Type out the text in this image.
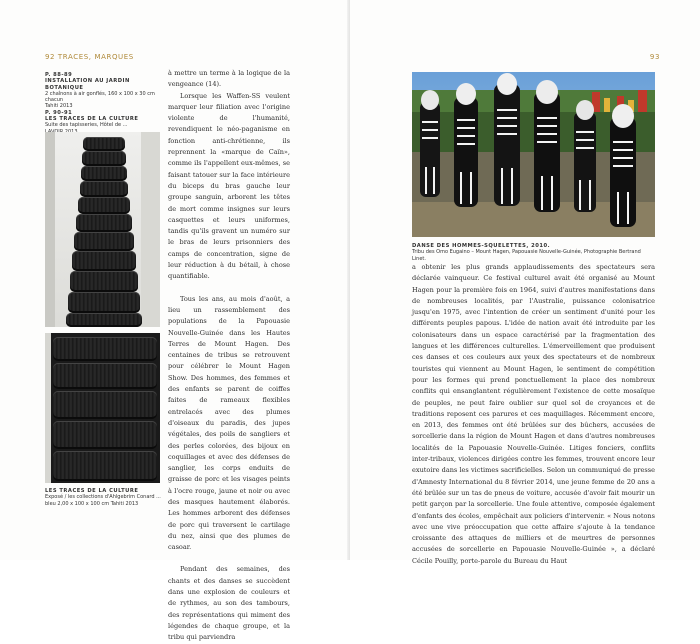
92 TRACES, MARQUES
P. 88-89
INSTALLATION AU JARDIN BOTANIQUE
2 chaînons à air gonflés, 160 x 100 x 30 cm chacun
Tahiti 2013
P. 90-91
LES TRACES DE LA CULTURE
Suite des tapisseries, Hôtel de ...
LES TRACES DE LA CULTURE
Exposé / les collections d'Ahlgebrim Conard ...
bleu 2,00 x 100 x 100 cm Tahiti 2013

à mettre un terme à la logique de la vengeance (14).

Lorsque les Waffen-SS veulent marquer leur filiation avec l'origine violente de l'humanité, revendiquent le néo-paganisme en fonction anti-chrétienne, ils reprennent la «marque de Caïn», comme ils l'appellent eux-mêmes, se faisant tatouer sur la face intérieure du biceps du bras gauche leur groupe sanguin, arborent les têtes de mort comme insignes sur leurs casquettes et leurs uniformes, tandis qu'ils gravent un numéro sur le bras de leurs prisonniers des camps de concentration, signe de leur réduction à du bétail, à chose quantifiable.

Tous les ans, au mois d'août, a lieu un rassemblement des populations de la Papouasie Nouvelle-Guinée dans les Hautes Terres de Mount Hagen. Des centaines de tribus se retrouvent pour célébrer le Mount Hagen Show. Des hommes, des femmes et des enfants se parent de coiffes faites de rameaux flexibles entrelacés avec des plumes d'oiseaux du paradis, des jupes végétales, des poils de sangliers et des perles colorées, des bijoux en coquillages et avec des défenses de sanglier, les corps enduits de graisse de porc et les visages peints à l'ocre rouge, jaune et noir ou avec des masques hautement élaborés. Les hommes arborent des défenses de porc qui traversent le cartilage du nez, ainsi que des plumes de casoar.

Pendant des semaines, des chants et des danses se succèdent dans une explosion de couleurs et de rythmes, au son des tambours, des représentations qui miment des légendes de chaque groupe, et la tribu qui parviendra

93
DANSE DES HOMMES-SQUELETTES, 2010.
Tribu des Omo Eugaino – Mount Hagen, Papouasie Nouvelle-Guinée, Photographie Bertrand Linet.

a obtenir les plus grands applaudissements des spectateurs sera déclarée vainqueur. Ce festival culturel avait été organisé au Mount Hagen pour la première fois en 1964, suivi d'autres manifestations dans de nombreuses localités, par l'Australie, puissance colonisatrice jusqu'en 1975, avec l'intention de créer un sentiment d'unité pour les différents peuples papous. L'idée de nation avait été introduite par les colonisateurs dans un espace caractérisé par la fragmentation des langues et les différences culturelles. L'émerveillement que produisent ces danses et ces couleurs aux yeux des spectateurs et de nombreux touristes qui viennent au Mount Hagen, le sentiment de compétition pour les formes qui prend ponctuellement la place des nombreux conflits qui ensanglantent régulièrement l'existence de cette mosaïque de peuples, ne peut faire oublier sur quel sol de croyances et de traditions reposent ces parures et ces maquillages. Récemment encore, en 2013, des femmes ont été brûlées sur des bûchers, accusées de sorcellerie dans la région de Mount Hagen et dans d'autres nombreuses localités de la Papouasie Nouvelle-Guinée. Litiges fonciers, conflits inter-tribaux, violences dirigées contre les femmes, trouvent encore leur exutoire dans les victimes sacrificielles. Selon un communiqué de presse d'Amnesty International du 8 février 2014, une jeune femme de 20 ans a été brûlée sur un tas de pneus de voiture, accusée d'avoir fait mourir un petit garçon par la sorcellerie. Une foule attentive, composée également d'enfants des écoles, empêchait aux policiers d'intervenir. « Nous notons avec une vive préoccupation que cette affaire s'ajoute à la tendance croissante des attaques de milliers et de meurtres de personnes accusées de sorcellerie en Papouasie Nouvelle-Guinée », a déclaré Cécile Pouilly, porte-parole du Bureau du Haut
